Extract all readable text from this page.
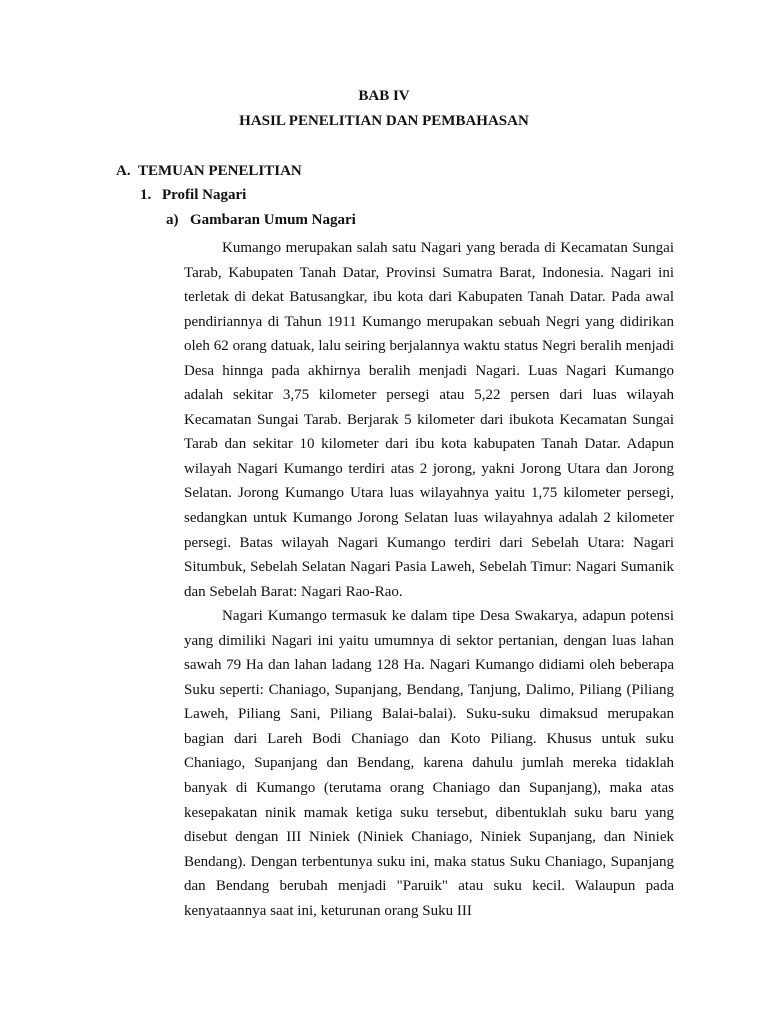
BAB IV
HASIL PENELITIAN DAN PEMBAHASAN
A. TEMUAN PENELITIAN
1. Profil Nagari
a) Gambaran Umum Nagari

Kumango merupakan salah satu Nagari yang berada di Kecamatan Sungai Tarab, Kabupaten Tanah Datar, Provinsi Sumatra Barat, Indonesia. Nagari ini terletak di dekat Batusangkar, ibu kota dari Kabupaten Tanah Datar. Pada awal pendiriannya di Tahun 1911 Kumango merupakan sebuah Negri yang didirikan oleh 62 orang datuak, lalu seiring berjalannya waktu status Negri beralih menjadi Desa hinnga pada akhirnya beralih menjadi Nagari. Luas Nagari Kumango adalah sekitar 3,75 kilometer persegi atau 5,22 persen dari luas wilayah Kecamatan Sungai Tarab. Berjarak 5 kilometer dari ibukota Kecamatan Sungai Tarab dan sekitar 10 kilometer dari ibu kota kabupaten Tanah Datar. Adapun wilayah Nagari Kumango terdiri atas 2 jorong, yakni Jorong Utara dan Jorong Selatan. Jorong Kumango Utara luas wilayahnya yaitu 1,75 kilometer persegi, sedangkan untuk Kumango Jorong Selatan luas wilayahnya adalah 2 kilometer persegi. Batas wilayah Nagari Kumango terdiri dari Sebelah Utara: Nagari Situmbuk, Sebelah Selatan Nagari Pasia Laweh, Sebelah Timur: Nagari Sumanik dan Sebelah Barat: Nagari Rao-Rao.

Nagari Kumango termasuk ke dalam tipe Desa Swakarya, adapun potensi yang dimiliki Nagari ini yaitu umumnya di sektor pertanian, dengan luas lahan sawah 79 Ha dan lahan ladang 128 Ha. Nagari Kumango didiami oleh beberapa Suku seperti: Chaniago, Supanjang, Bendang, Tanjung, Dalimo, Piliang (Piliang Laweh, Piliang Sani, Piliang Balai-balai). Suku-suku dimaksud merupakan bagian dari Lareh Bodi Chaniago dan Koto Piliang. Khusus untuk suku Chaniago, Supanjang dan Bendang, karena dahulu jumlah mereka tidaklah banyak di Kumango (terutama orang Chaniago dan Supanjang), maka atas kesepakatan ninik mamak ketiga suku tersebut, dibentuklah suku baru yang disebut dengan III Niniek (Niniek Chaniago, Niniek Supanjang, dan Niniek Bendang). Dengan terbentunya suku ini, maka status Suku Chaniago, Supanjang dan Bendang berubah menjadi "Paruik" atau suku kecil. Walaupun pada kenyataannya saat ini, keturunan orang Suku III
